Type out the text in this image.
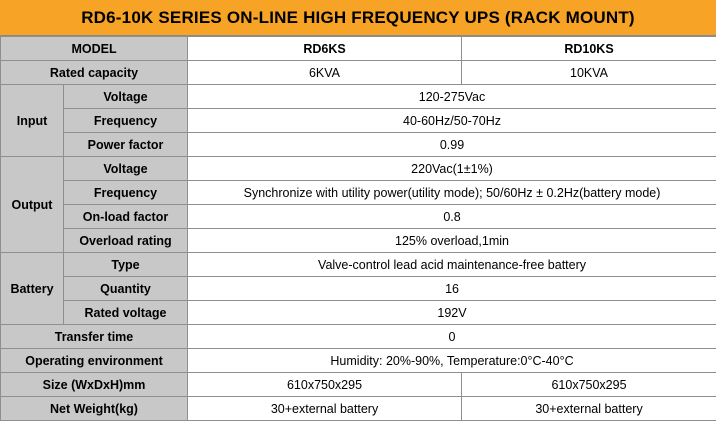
RD6-10K SERIES ON-LINE HIGH FREQUENCY UPS (RACK MOUNT)
MODEL		RD6KS	RD10KS
Rated capacity		6KVA	10KVA
Input	Voltage	120-275Vac	
	Frequency	40-60Hz/50-70Hz	
	Power factor	0.99	
Output	Voltage	220Vac(1±1%)	
	Frequency	Synchronize with utility power(utility mode); 50/60Hz ± 0.2Hz(battery mode)	
	On-load factor	0.8	
	Overload rating	125% overload,1min	
Battery	Type	Valve-control lead acid maintenance-free battery	
	Quantity	16	
	Rated voltage	192V	
Transfer time		0	
Operating environment		Humidity: 20%-90%, Temperature:0°C-40°C	
Size (WxDxH)mm		610x750x295	610x750x295
Net Weight(kg)		30+external battery	30+external battery
